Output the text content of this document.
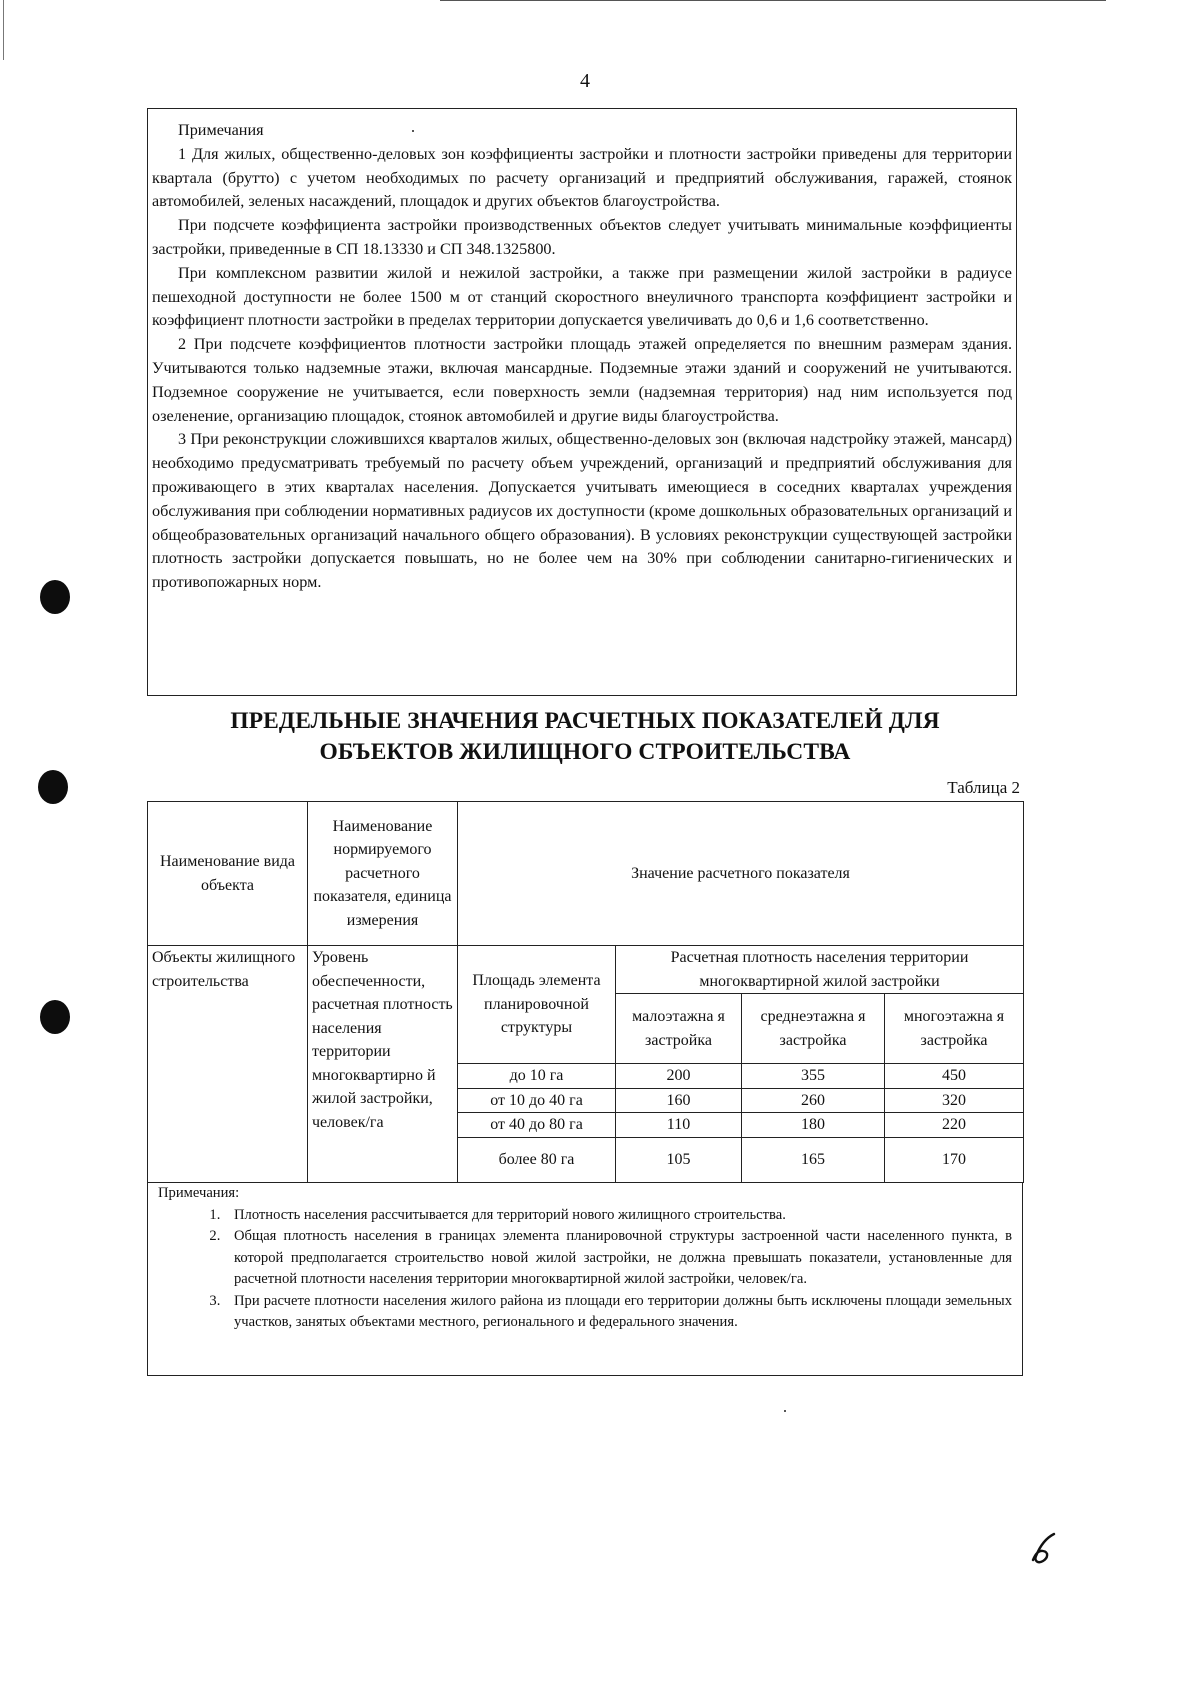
4
Примечания

1 Для жилых, общественно-деловых зон коэффициенты застройки и плотности застройки приведены для территории квартала (брутто) с учетом необходимых по расчету организаций и предприятий обслуживания, гаражей, стоянок автомобилей, зеленых насаждений, площадок и других объектов благоустройства.

При подсчете коэффициента застройки производственных объектов следует учитывать минимальные коэффициенты застройки, приведенные в СП 18.13330 и СП 348.1325800.

При комплексном развитии жилой и нежилой застройки, а также при размещении жилой застройки в радиусе пешеходной доступности не более 1500 м от станций скоростного внеуличного транспорта коэффициент застройки и коэффициент плотности застройки в пределах территории допускается увеличивать до 0,6 и 1,6 соответственно.

2 При подсчете коэффициентов плотности застройки площадь этажей определяется по внешним размерам здания. Учитываются только надземные этажи, включая мансардные. Подземные этажи зданий и сооружений не учитываются. Подземное сооружение не учитывается, если поверхность земли (надземная территория) над ним используется под озеленение, организацию площадок, стоянок автомобилей и другие виды благоустройства.

3 При реконструкции сложившихся кварталов жилых, общественно-деловых зон (включая надстройку этажей, мансард) необходимо предусматривать требуемый по расчету объем учреждений, организаций и предприятий обслуживания для проживающего в этих кварталах населения. Допускается учитывать имеющиеся в соседних кварталах учреждения обслуживания при соблюдении нормативных радиусов их доступности (кроме дошкольных образовательных организаций и общеобразовательных организаций начального общего образования). В условиях реконструкции существующей застройки плотность застройки допускается повышать, но не более чем на 30% при соблюдении санитарно-гигиенических и противопожарных норм.

ПРЕДЕЛЬНЫЕ ЗНАЧЕНИЯ РАСЧЕТНЫХ ПОКАЗАТЕЛЕЙ ДЛЯ
ОБЪЕКТОВ ЖИЛИЩНОГО СТРОИТЕЛЬСТВА
Таблица 2
Наименование вида объекта	Наименование нормируемого расчетного показателя, единица измерения	Значение расчетного показателя			
Объекты жилищного строительства	Уровень обеспеченности, расчетная плотность населения территории многоквартирно й жилой застройки, человек/га	Площадь элемента планировочной структуры	Расчетная плотность населения территории многоквартирной жилой застройки		
			малоэтажна я застройка	среднеэтажна я застройка	многоэтажна я застройка

		до 10 га	200	355	450
		от 10 до 40 га	160	260	320
		от 40 до 80 га	110	180	220
		более 80 га	105	165	170
Примечания:
1. Плотность населения рассчитывается для территорий нового жилищного строительства.
2. Общая плотность населения в границах элемента планировочной структуры застроенной части населенного пункта, в которой предполагается строительство новой жилой застройки, не должна превышать показатели, установленные для расчетной плотности населения территории многоквартирной жилой застройки, человек/га.
3. При расчете плотности населения жилого района из площади его территории должны быть исключены площади земельных участков, занятых объектами местного, регионального и федерального значения.
